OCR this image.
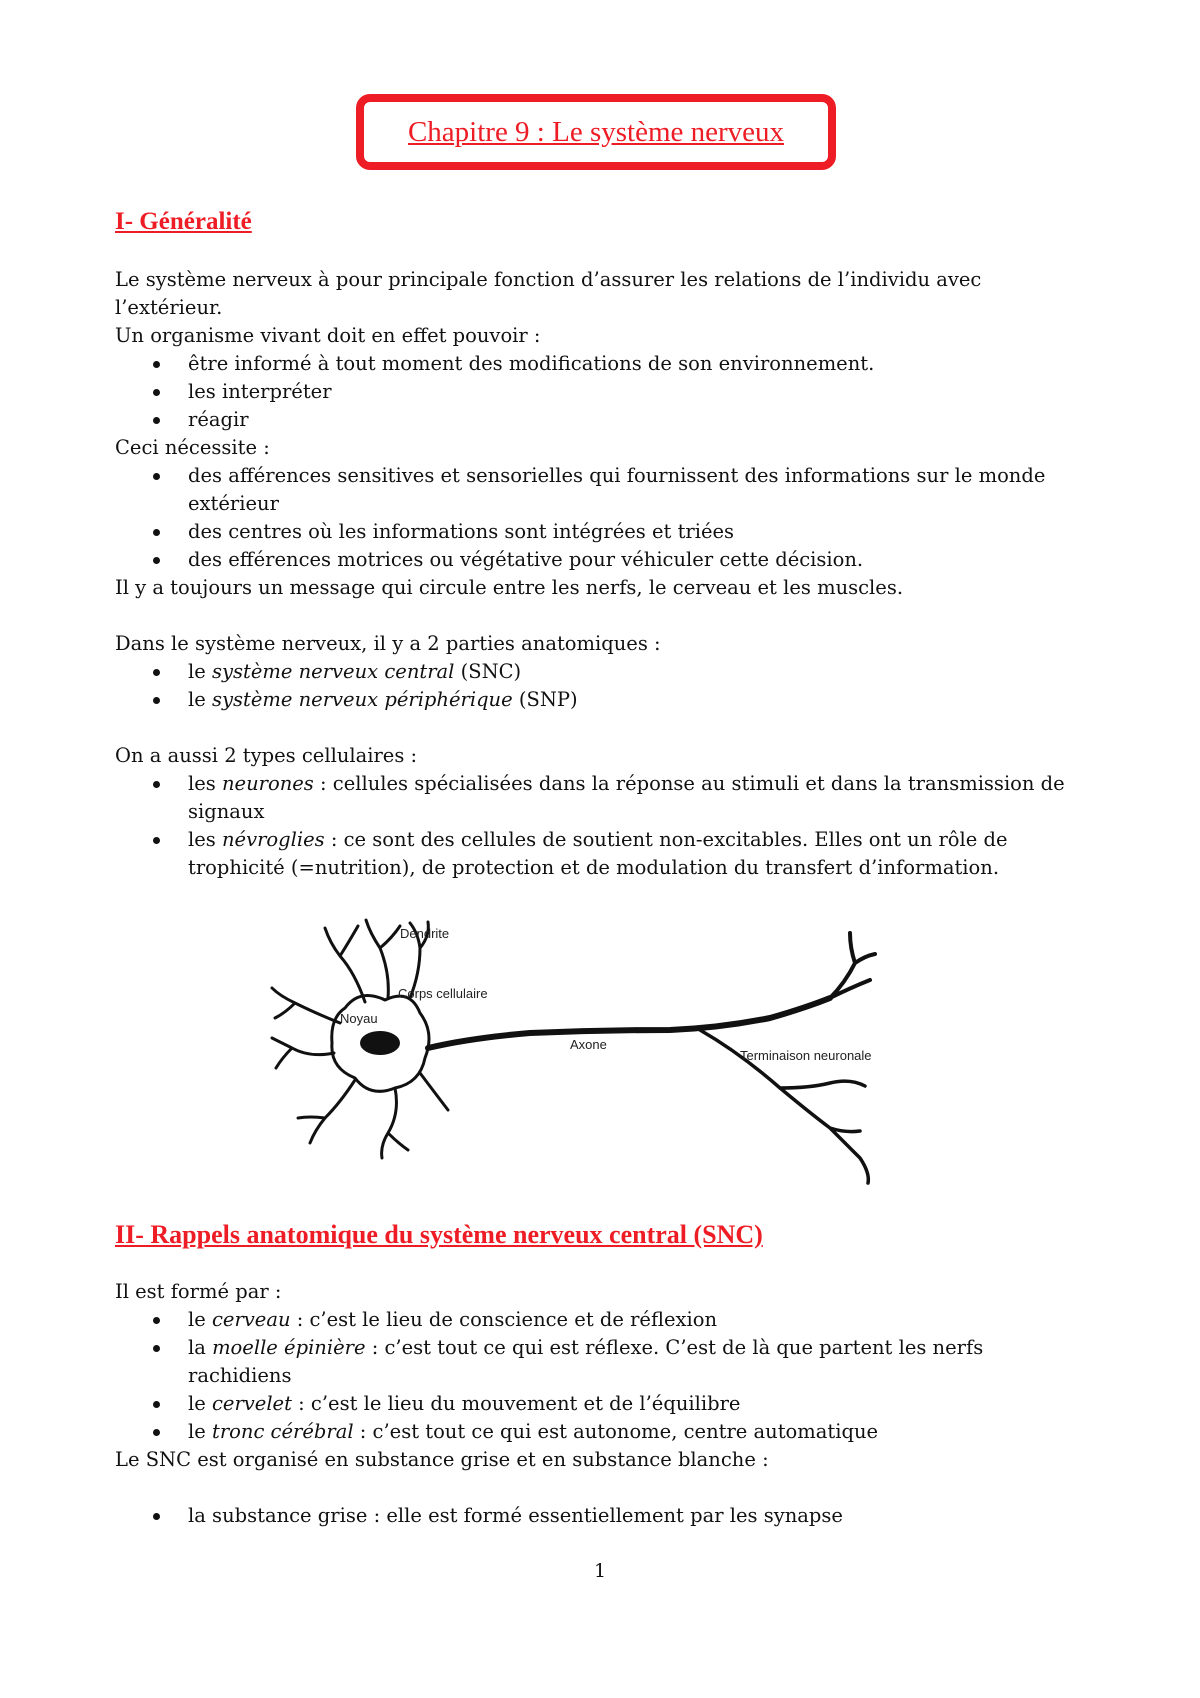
Chapitre 9 : Le système nerveux
I- Généralité

Le système nerveux à pour principale fonction d’assurer les relations de l’individu avec l’extérieur.

Un organisme vivant doit en effet pouvoir :

être informé à tout moment des modifications de son environnement.
les interpréter
réagir

Ceci nécessite :

des afférences sensitives et sensorielles qui fournissent des informations sur le monde extérieur
des centres où les informations sont intégrées et triées
des efférences motrices ou végétative pour véhiculer cette décision.

Il y a toujours un message qui circule entre les nerfs, le cerveau et les muscles.

Dans le système nerveux, il y a 2 parties anatomiques :

le système nerveux central (SNC)
le système nerveux périphérique (SNP)

On a aussi 2 types cellulaires :

les neurones : cellules spécialisées dans la réponse au stimuli et dans la transmission de signaux
les névroglies : ce sont des cellules de soutient non-excitables. Elles ont un rôle de trophicité (=nutrition), de protection et de modulation du transfert d’information.
Dendrite
Corps cellulaire
Noyau
Axone
Terminaison neuronale
II- Rappels anatomique du système nerveux central (SNC)

Il est formé par :

le cerveau : c’est le lieu de conscience et de réflexion
la moelle épinière : c’est tout ce qui est réflexe. C’est de là que partent les nerfs rachidiens
le cervelet : c’est le lieu du mouvement et de l’équilibre
le tronc cérébral : c’est tout ce qui est autonome, centre automatique

Le SNC est organisé en substance grise et en substance blanche :

la substance grise : elle est formé essentiellement par les synapse
1
